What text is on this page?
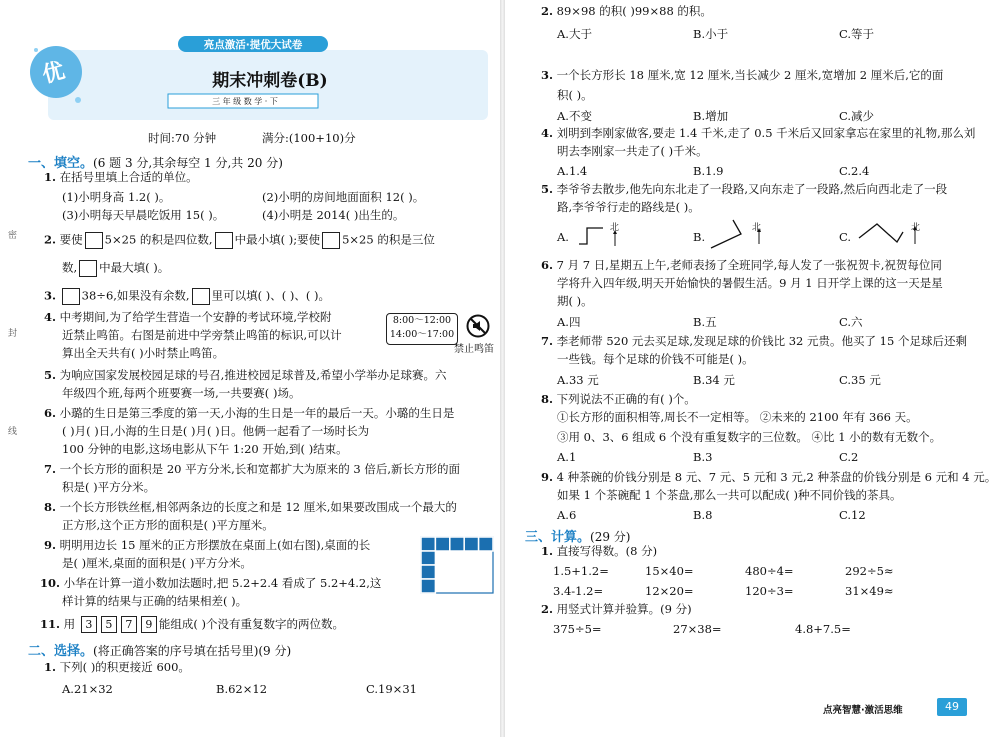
亮点激活·提优大试卷
优	期末冲刺卷(B)
三 年 级 数 学 · 下
时间:70 分钟	满分:(100+10)分
密
封
线
一、填空。(6 题 3 分,其余每空 1 分,共 20 分)
1. 在括号里填上合适的单位。
(1)小明身高 1.2( )。	(2)小明的房间地面面积 12( )。
(3)小明每天早晨吃饭用 15( )。	(4)小明是 2014( )出生的。
2. 要使 5×25 的积是四位数, 中最小填( );要使 5×25 的积是三位
数, 中最大填( )。
3. 38÷6,如果没有余数, 里可以填( )、( )、( )。
4. 中考期间,为了给学生营造一个安静的考试环境,学校附
近禁止鸣笛。右图是前进中学旁禁止鸣笛的标识,可以计
算出全天共有( )小时禁止鸣笛。
8:00～12:00
14:00～17:00
禁止鸣笛
5. 为响应国家发展校园足球的号召,推进校园足球普及,希望小学举办足球赛。六
年级四个班,每两个班要赛一场,一共要赛( )场。
6. 小璐的生日是第三季度的第一天,小海的生日是一年的最后一天。小璐的生日是
( )月( )日,小海的生日是( )月( )日。他俩一起看了一场时长为
100 分钟的电影,这场电影从下午 1:20 开始,到( )结束。
7. 一个长方形的面积是 20 平方分米,长和宽都扩大为原来的 3 倍后,新长方形的面
积是( )平方分米。
8. 一个长方形铁丝框,相邻两条边的长度之和是 12 厘米,如果要改围成一个最大的
正方形,这个正方形的面积是( )平方厘米。
9. 明明用边长 15 厘米的正方形摆放在桌面上(如右图),桌面的长
是( )厘米,桌面的面积是( )平方分米。
10. 小华在计算一道小数加法题时,把 5.2+2.4 看成了 5.2+4.2,这
样计算的结果与正确的结果相差( )。
11. 用 3 5 7 9 能组成( )个没有重复数字的两位数。
二、选择。(将正确答案的序号填在括号里)(9 分)
1. 下列( )的积更接近 600。
A.21×32	B.62×12	C.19×31
2. 89×98 的积( )99×88 的积。
A.大于	B.小于	C.等于
3. 一个长方形长 18 厘米,宽 12 厘米,当长减少 2 厘米,宽增加 2 厘米后,它的面
积( )。
A.不变	B.增加	C.减少
4. 刘明到李刚家做客,要走 1.4 千米,走了 0.5 千米后又回家拿忘在家里的礼物,那么刘
明去李刚家一共走了( )千米。
A.1.4	B.1.9	C.2.4
5. 李爷爷去散步,他先向东北走了一段路,又向东走了一段路,然后向西北走了一段
路,李爷爷行走的路线是( )。
A.
北
B.
北
C.
北
6. 7 月 7 日,星期五上午,老师表扬了全班同学,每人发了一张祝贺卡,祝贺每位同
学将升入四年级,明天开始愉快的暑假生活。9 月 1 日开学上课的这一天是星
期( )。
A.四	B.五	C.六
7. 李老师带 520 元去买足球,发现足球的价钱比 32 元贵。他买了 15 个足球后还剩
一些钱。每个足球的价钱不可能是( )。
A.33 元	B.34 元	C.35 元
8. 下列说法不正确的有( )个。
①长方形的面积相等,周长不一定相等。 ②未来的 2100 年有 366 天。
③用 0、3、6 组成 6 个没有重复数字的三位数。 ④比 1 小的数有无数个。
A.1	B.3	C.2
9. 4 种茶碗的价钱分别是 8 元、7 元、5 元和 3 元,2 种茶盘的价钱分别是 6 元和 4 元。
如果 1 个茶碗配 1 个茶盘,那么一共可以配成( )种不同价钱的茶具。
A.6	B.8	C.12
三、计算。(29 分)
1. 直接写得数。(8 分)
1.5+1.2=	15×40=	480÷4=	292÷5≈
3.4-1.2=	12×20=	120÷3=	31×49≈
2. 用竖式计算并验算。(9 分)
375÷5=	27×38=	4.8+7.5=
点亮智慧·激活思维	49
